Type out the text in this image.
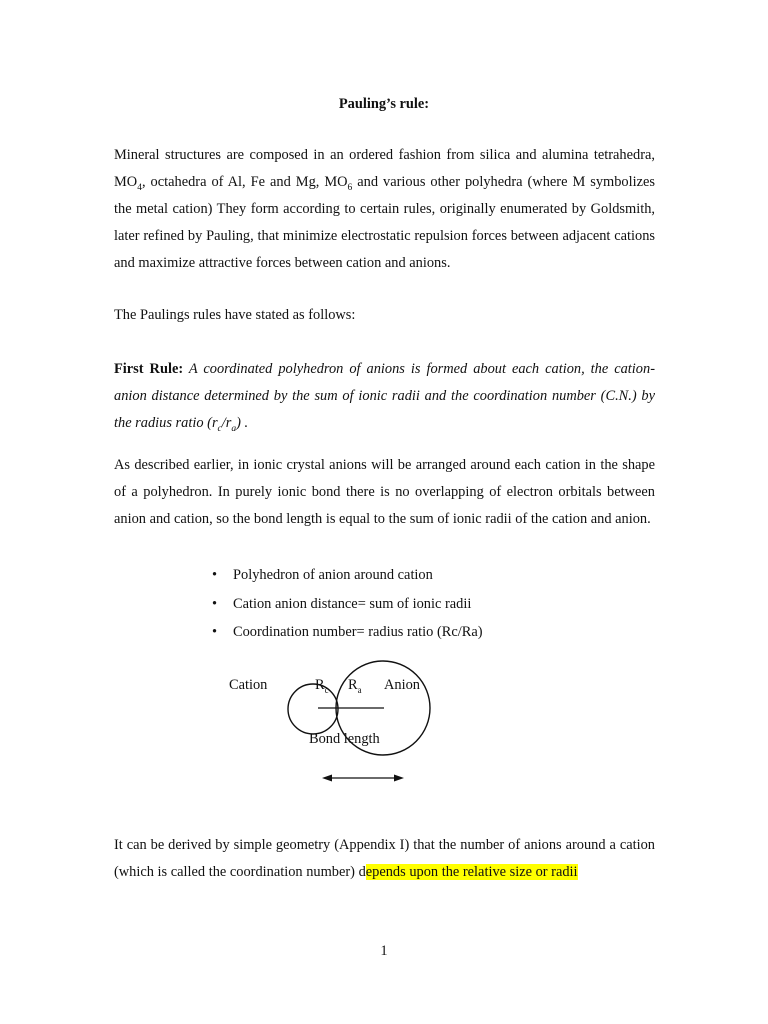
Pauling’s rule:

Mineral structures are composed in an ordered fashion from silica and alumina tetrahedra, $MO_4$, octahedra of Al, Fe and Mg, $MO_6$ and various other polyhedra (where M symbolizes the metal cation) They form according to certain rules, originally enumerated by Goldsmith, later refined by Pauling, that minimize electrostatic repulsion forces between adjacent cations and maximize attractive forces between cation and anions.

The Paulings rules have stated as follows:

First Rule: A coordinated polyhedron of anions is formed about each cation, the cation-anion distance determined by the sum of ionic radii and the coordination number (C.N.) by the radius ratio $(r_c/r_a)$ .

As described earlier, in ionic crystal anions will be arranged around each cation in the shape of a polyhedron. In purely ionic bond there is no overlapping of electron orbitals between anion and cation, so the bond length is equal to the sum of ionic radii of the cation and anion.

• Polyhedron of anion around cation
• Cation anion distance= sum of ionic radii
• Coordination number= radius ratio (Rc/Ra)
Cation	$R_c$ $R_a$ Anion
Bond length

It can be derived by simple geometry (Appendix I) that the number of anions around a cation (which is called the coordination number) depends upon the relative size or radii

1
